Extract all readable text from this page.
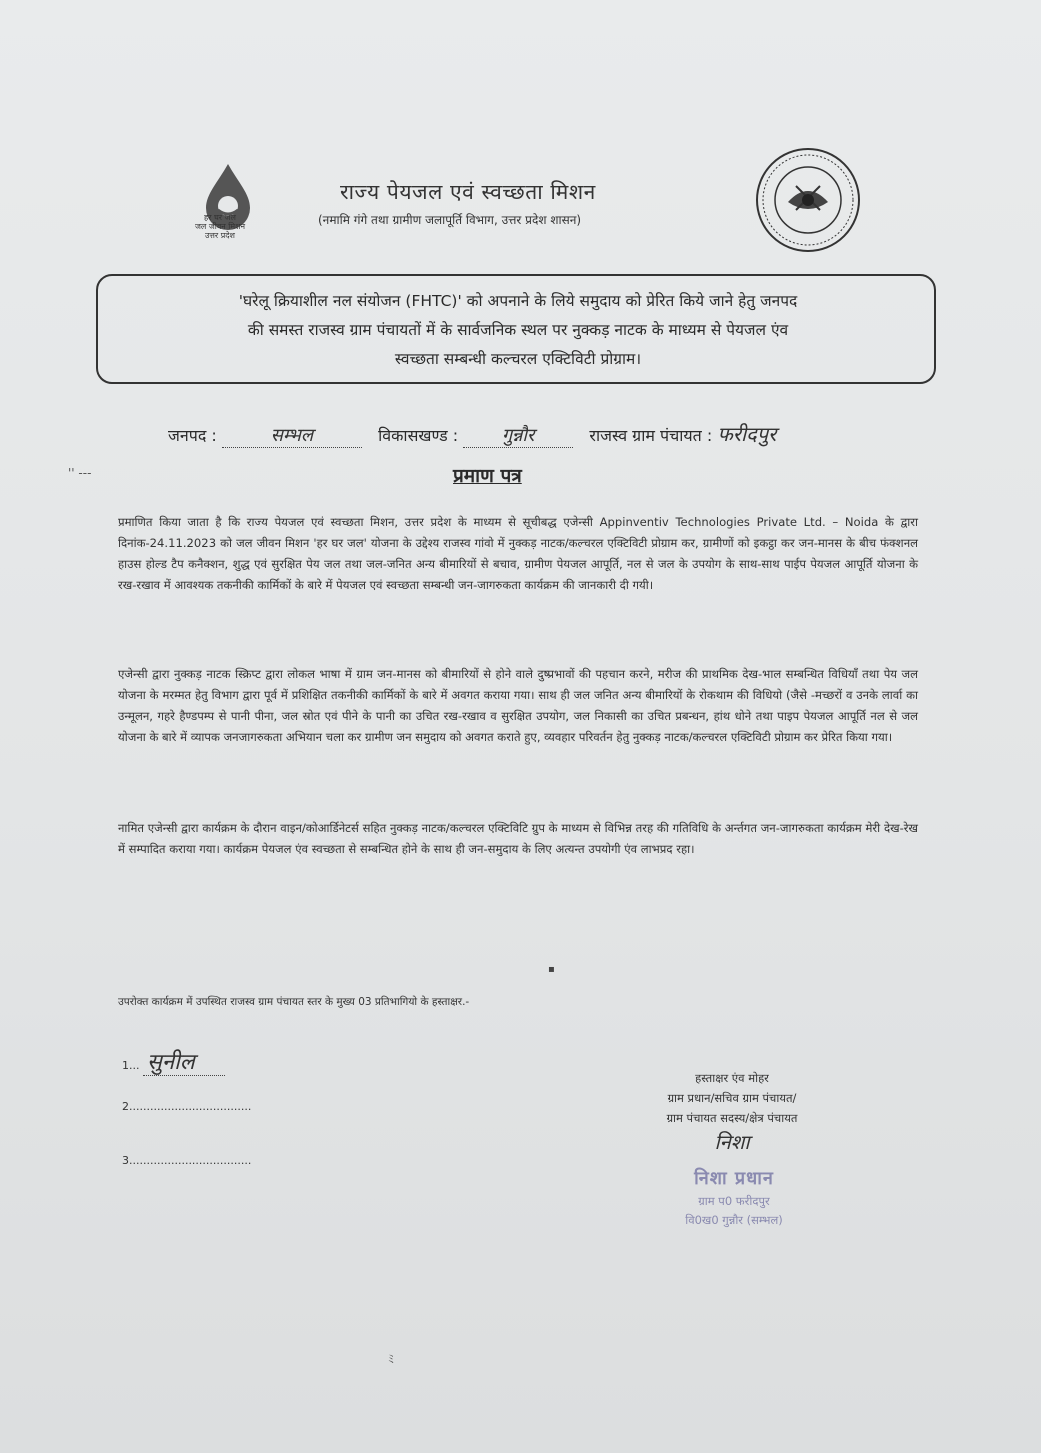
हर घर जल
जल जीवन मिशन
उत्तर प्रदेश
राज्य पेयजल एवं स्वच्छता मिशन
(नमामि गंगे तथा ग्रामीण जलापूर्ति विभाग, उत्तर प्रदेश शासन)
'घरेलू क्रियाशील नल संयोजन (FHTC)' को अपनाने के लिये समुदाय को प्रेरित किये जाने हेतु जनपद
की समस्त राजस्व ग्राम पंचायतों में के सार्वजनिक स्थल पर नुक्कड़ नाटक के माध्यम से पेयजल एंव
स्वच्छता सम्बन्धी कल्चरल एक्टिविटी प्रोग्राम।
जनपद :	सम्भल	विकासखण्ड : गुन्नौर	राजस्व ग्राम पंचायत : फरीदपुर
'' ---	प्रमाण पत्र
प्रमाणित किया जाता है कि राज्य पेयजल एवं स्वच्छता मिशन, उत्तर प्रदेश के माध्यम से सूचीबद्ध एजेन्सी Appinventiv Technologies Private Ltd. – Noida के द्वारा दिनांक-24.11.2023 को जल जीवन मिशन 'हर घर जल' योजना के उद्देश्य राजस्व गांवो में नुक्कड़ नाटक/कल्चरल एक्टिविटी प्रोग्राम कर, ग्रामीणों को इकट्ठा कर जन-मानस के बीच फंक्शनल हाउस होल्ड टैप कनैक्शन, शुद्ध एवं सुरक्षित पेय जल तथा जल-जनित अन्य बीमारियों से बचाव, ग्रामीण पेयजल आपूर्ति, नल से जल के उपयोग के साथ-साथ पाईप पेयजल आपूर्ति योजना के रख-रखाव में आवश्यक तकनीकी कार्मिकों के बारे में पेयजल एवं स्वच्छता सम्बन्धी जन-जागरुकता कार्यक्रम की जानकारी दी गयी।
एजेन्सी द्वारा नुक्कड़ नाटक स्क्रिप्ट द्वारा लोकल भाषा में ग्राम जन-मानस को बीमारियों से होने वाले दुष्प्रभावों की पहचान करने, मरीज की प्राथमिक देख-भाल सम्बन्धित विधियाँ तथा पेय जल योजना के मरम्मत हेतु विभाग द्वारा पूर्व में प्रशिक्षित तकनीकी कार्मिकों के बारे में अवगत कराया गया। साथ ही जल जनित अन्य बीमारियों के रोकथाम की विधियो (जैसे -मच्छरों व उनके लार्वा का उन्मूलन, गहरे हैण्डपम्प से पानी पीना, जल स्रोत एवं पीने के पानी का उचित रख-रखाव व सुरक्षित उपयोग, जल निकासी का उचित प्रबन्धन, हांथ धोने तथा पाइप पेयजल आपूर्ति नल से जल योजना के बारे में व्यापक जनजागरुकता अभियान चला कर ग्रामीण जन समुदाय को अवगत कराते हुए, व्यवहार परिवर्तन हेतु नुक्कड़ नाटक/कल्चरल एक्टिविटी प्रोग्राम कर प्रेरित किया गया।
नामित एजेन्सी द्वारा कार्यक्रम के दौरान वाइन/कोआर्डिनेटर्स सहित नुक्कड़ नाटक/कल्चरल एक्टिविटि ग्रुप के माध्यम से विभिन्न तरह की गतिविधि के अर्न्तगत जन-जागरुकता कार्यक्रम मेरी देख-रेख में सम्पादित कराया गया। कार्यक्रम पेयजल एंव स्वच्छता से सम्बन्धित होने के साथ ही जन-समुदाय के लिए अत्यन्त उपयोगी एंव लाभप्रद रहा।
▪
उपरोक्त कार्यक्रम में उपस्थित राजस्व ग्राम पंचायत स्तर के मुख्य 03 प्रतिभागियो के हस्ताक्षर.-
1... सुनील
2...................................
3...................................
हस्ताक्षर एंव मोहर
ग्राम प्रधान/सचिव ग्राम पंचायत/
ग्राम पंचायत सदस्य/क्षेत्र पंचायत
निशा
निशा प्रधान
ग्राम प0 फरीदपुर
वि0ख0 गुन्नौर (सम्भल)
ﾐ
